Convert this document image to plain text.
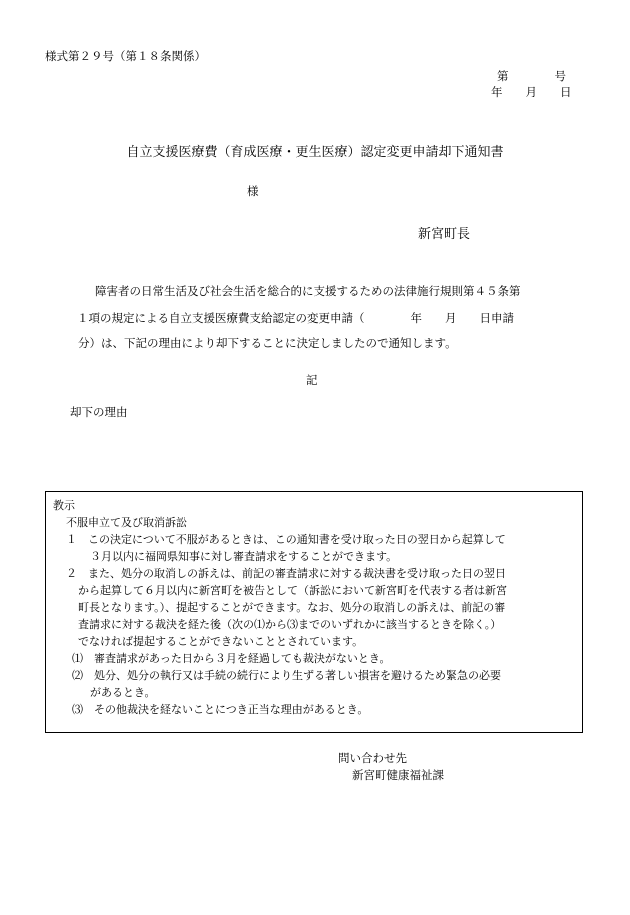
様式第２９号（第１８条関係）
第　　　　号
年　　月　　日
自立支援医療費（育成医療・更生医療）認定変更申請却下通知書
様
新宮町長
障害者の日常生活及び社会生活を総合的に支援するための法律施行規則第４５条第
１項の規定による自立支援医療費支給認定の変更申請（　　　　年　　月　　日申請
分）は、下記の理由により却下することに決定しましたので通知します。
記
却下の理由
教示
不服申立て及び取消訴訟
１　この決定について不服があるときは、この通知書を受け取った日の翌日から起算して
３月以内に福岡県知事に対し審査請求をすることができます。
２　また、処分の取消しの訴えは、前記の審査請求に対する裁決書を受け取った日の翌日
から起算して６月以内に新宮町を被告として（訴訟において新宮町を代表する者は新宮
町長となります。）、提起することができます。なお、処分の取消しの訴えは、前記の審
査請求に対する裁決を経た後（次の⑴から⑶までのいずれかに該当するときを除く。）
でなければ提起することができないこととされています。
⑴　審査請求があった日から３月を経過しても裁決がないとき。
⑵　処分、処分の執行又は手続の続行により生ずる著しい損害を避けるため緊急の必要
があるとき。
⑶　その他裁決を経ないことにつき正当な理由があるとき。
問い合わせ先
新宮町健康福祉課
